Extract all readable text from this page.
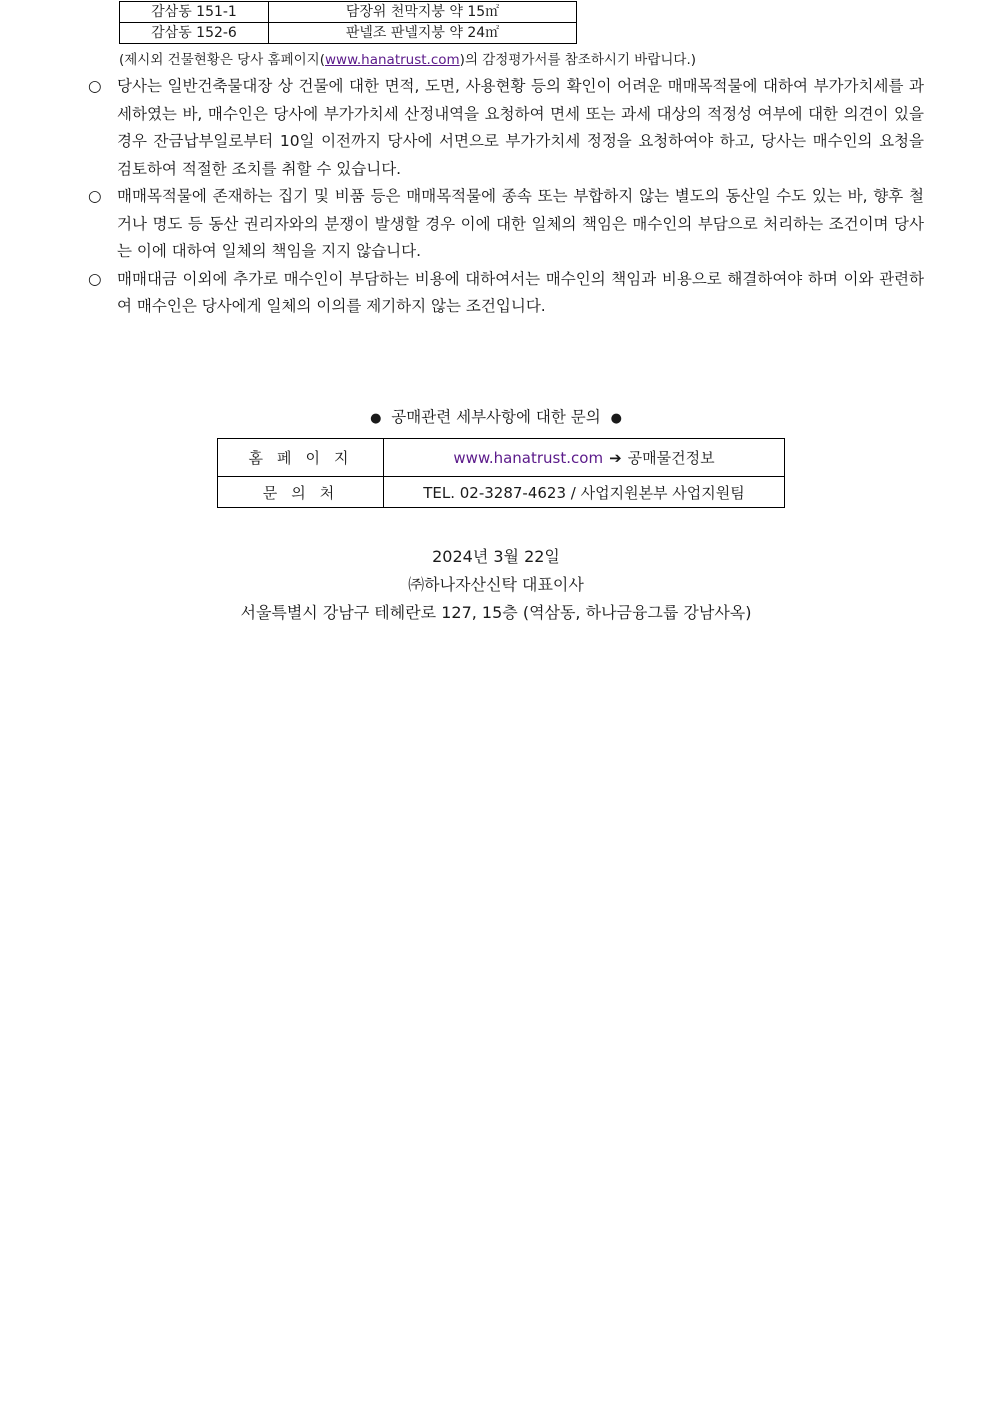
감삼동 151-1	담장위 천막지붕 약 15㎡
감삼동 152-6	판넬조 판넬지붕 약 24㎡
(제시외 건물현황은 당사 홈페이지(www.hanatrust.com)의 감정평가서를 참조하시기 바랍니다.)

○ 당사는 일반건축물대장 상 건물에 대한 면적, 도면, 사용현황 등의 확인이 어려운 매매목적물에 대하여 부가가치세를 과세하였는 바, 매수인은 당사에 부가가치세 산정내역을 요청하여 면세 또는 과세 대상의 적정성 여부에 대한 의견이 있을 경우 잔금납부일로부터 10일 이전까지 당사에 서면으로 부가가치세 정정을 요청하여야 하고, 당사는 매수인의 요청을 검토하여 적절한 조치를 취할 수 있습니다.

○ 매매목적물에 존재하는 집기 및 비품 등은 매매목적물에 종속 또는 부합하지 않는 별도의 동산일 수도 있는 바, 향후 철거나 명도 등 동산 권리자와의 분쟁이 발생할 경우 이에 대한 일체의 책임은 매수인의 부담으로 처리하는 조건이며 당사는 이에 대하여 일체의 책임을 지지 않습니다.

○ 매매대금 이외에 추가로 매수인이 부담하는 비용에 대하여서는 매수인의 책임과 비용으로 해결하여야 하며 이와 관련하여 매수인은 당사에게 일체의 이의를 제기하지 않는 조건입니다.

● 공매관련 세부사항에 대한 문의 ●
홈페이지	www.hanatrust.com ➔ 공매물건정보
문의처	TEL. 02-3287-4623 / 사업지원본부 사업지원팀
2024년 3월 22일
㈜하나자산신탁 대표이사
서울특별시 강남구 테헤란로 127, 15층 (역삼동, 하나금융그룹 강남사옥)
